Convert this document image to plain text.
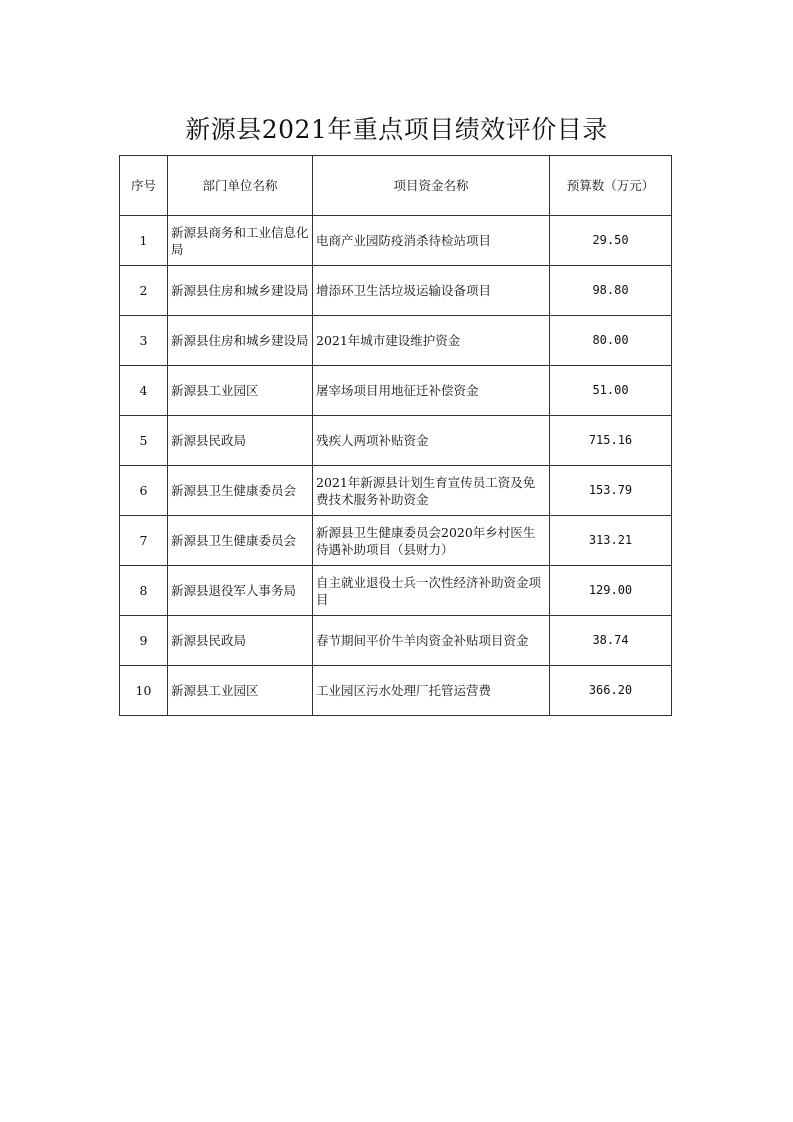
新源县2021年重点项目绩效评价目录
序号	部门单位名称	项目资金名称	预算数（万元）
1	新源县商务和工业信息化局	电商产业园防疫消杀待检站项目	29.50
2	新源县住房和城乡建设局	增添环卫生活垃圾运输设备项目	98.80
3	新源县住房和城乡建设局	2021年城市建设维护资金	80.00
4	新源县工业园区	屠宰场项目用地征迁补偿资金	51.00
5	新源县民政局	残疾人两项补贴资金	715.16
6	新源县卫生健康委员会	2021年新源县计划生育宣传员工资及免费技术服务补助资金	153.79
7	新源县卫生健康委员会	新源县卫生健康委员会2020年乡村医生待遇补助项目（县财力）	313.21
8	新源县退役军人事务局	自主就业退役士兵一次性经济补助资金项目	129.00
9	新源县民政局	春节期间平价牛羊肉资金补贴项目资金	38.74
10	新源县工业园区	工业园区污水处理厂托管运营费	366.20
